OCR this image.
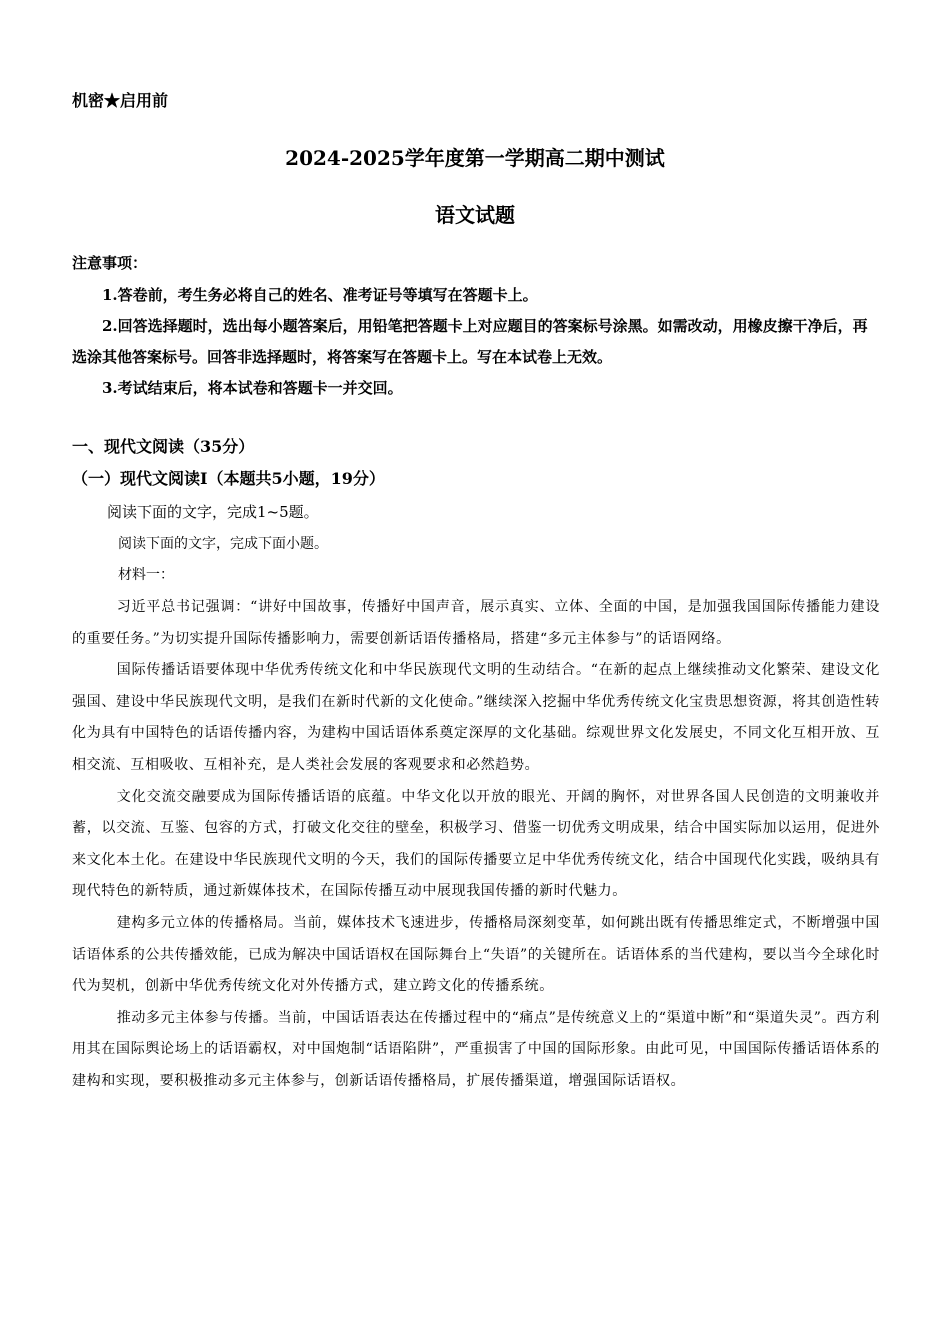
机密★启用前
2024-2025学年度第一学期高二期中测试
语文试题
注意事项：

1.答卷前，考生务必将自己的姓名、准考证号等填写在答题卡上。

2.回答选择题时，选出每小题答案后，用铅笔把答题卡上对应题目的答案标号涂黑。如需改动，用橡皮擦干净后，再选涂其他答案标号。回答非选择题时，将答案写在答题卡上。写在本试卷上无效。

3.考试结束后，将本试卷和答题卡一并交回。

一、现代文阅读（35分）
（一）现代文阅读Ⅰ（本题共5小题，19分）
阅读下面的文字，完成1~5题。
阅读下面的文字，完成下面小题。
材料一：

习近平总书记强调：“讲好中国故事，传播好中国声音，展示真实、立体、全面的中国，是加强我国国际传播能力建设的重要任务。”为切实提升国际传播影响力，需要创新话语传播格局，搭建“多元主体参与”的话语网络。

国际传播话语要体现中华优秀传统文化和中华民族现代文明的生动结合。“在新的起点上继续推动文化繁荣、建设文化强国、建设中华民族现代文明，是我们在新时代新的文化使命。”继续深入挖掘中华优秀传统文化宝贵思想资源，将其创造性转化为具有中国特色的话语传播内容，为建构中国话语体系奠定深厚的文化基础。综观世界文化发展史，不同文化互相开放、互相交流、互相吸收、互相补充，是人类社会发展的客观要求和必然趋势。

文化交流交融要成为国际传播话语的底蕴。中华文化以开放的眼光、开阔的胸怀，对世界各国人民创造的文明兼收并蓄，以交流、互鉴、包容的方式，打破文化交往的壁垒，积极学习、借鉴一切优秀文明成果，结合中国实际加以运用，促进外来文化本土化。在建设中华民族现代文明的今天，我们的国际传播要立足中华优秀传统文化，结合中国现代化实践，吸纳具有现代特色的新特质，通过新媒体技术，在国际传播互动中展现我国传播的新时代魅力。

建构多元立体的传播格局。当前，媒体技术飞速进步，传播格局深刻变革，如何跳出既有传播思维定式，不断增强中国话语体系的公共传播效能，已成为解决中国话语权在国际舞台上“失语”的关键所在。话语体系的当代建构，要以当今全球化时代为契机，创新中华优秀传统文化对外传播方式，建立跨文化的传播系统。

推动多元主体参与传播。当前，中国话语表达在传播过程中的“痛点”是传统意义上的“渠道中断”和“渠道失灵”。西方利用其在国际舆论场上的话语霸权，对中国炮制“话语陷阱”，严重损害了中国的国际形象。由此可见，中国国际传播话语体系的建构和实现，要积极推动多元主体参与，创新话语传播格局，扩展传播渠道，增强国际话语权。
